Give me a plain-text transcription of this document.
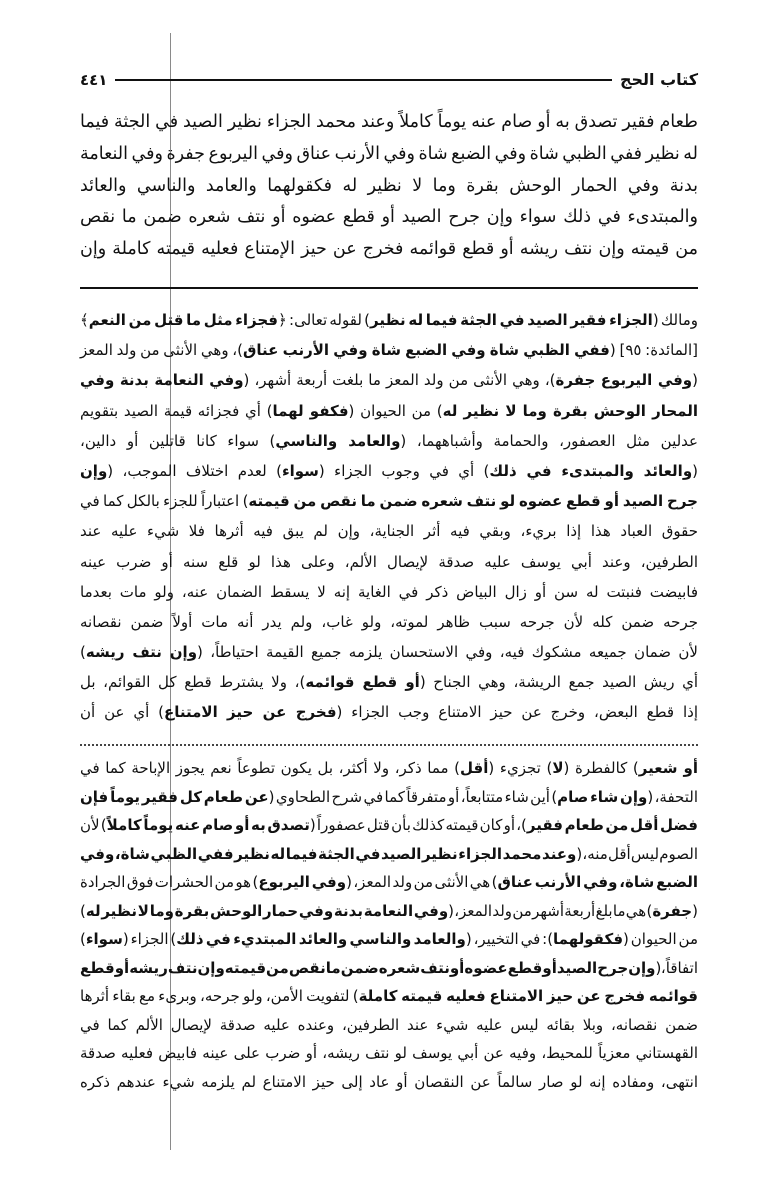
كتاب الحج
٤٤١
طعام فقير تصدق به أو صام عنه يوماً كاملاً وعند محمد الجزاء نظير الصيد في الجثة فيما
له نظير ففي الظبي شاة وفي الضبع شاة وفي الأرنب عناق وفي اليربوع جفرة وفي النعامة
بدنة وفي الحمار الوحش بقرة وما لا نظير له فكقولهما والعامد والناسي والعائد
والمبتدىء في ذلك سواء وإن جرح الصيد أو قطع عضوه أو نتف شعره ضمن ما نقص
من قيمته وإن نتف ريشه أو قطع قوائمه فخرج عن حيز الإمتناع فعليه قيمته كاملة وإن
ومالك (الجزاء فقير الصيد في الجثة فيما له نظير) لقوله تعالى: ﴿فجزاء مثل ما قتل من النعم﴾
[المائدة: ٩٥] (ففي الظبي شاة وفي الضبع شاة وفي الأرنب عناق)، وهي الأنثى من ولد المعز
(وفي اليربوع جفرة)، وهي الأنثى من ولد المعز ما بلغت أربعة أشهر، (وفي النعامة بدنة وفي
المحار الوحش بقرة وما لا نظير له) من الحيوان (فكفو لهما) أي فجزائه قيمة الصيد بتقويم
عدلين مثل العصفور، والحمامة وأشباههما، (والعامد والناسي) سواء كانا قاتلين أو دالين،
(والعائد والمبتدىء في ذلك) أي في وجوب الجزاء (سواء) لعدم اختلاف الموجب، (وإن
جرح الصيد أو قطع عضوه لو نتف شعره ضمن ما نقص من قيمته) اعتباراً للجزء بالكل كما في
حقوق العباد هذا إذا بريء، وبقي فيه أثر الجناية، وإن لم يبق فيه أثرها فلا شيء عليه عند
الطرفين، وعند أبي يوسف عليه صدقة لإيصال الألم، وعلى هذا لو قلع سنه أو ضرب عينه
فابيضت فنبتت له سن أو زال البياض ذكر في الغاية إنه لا يسقط الضمان عنه، ولو مات بعدما
جرحه ضمن كله لأن جرحه سبب ظاهر لموته، ولو غاب، ولم يدر أنه مات أولاً ضمن نقصانه
لأن ضمان جميعه مشكوك فيه، وفي الاستحسان يلزمه جميع القيمة احتياطاً، (وإن نتف ريشه)
أي ريش الصيد جمع الريشة، وهي الجناح (أو قطع قوائمه)، ولا يشترط قطع كل القوائم، بل
إذا قطع البعض، وخرج عن حيز الامتناع وجب الجزاء (فخرج عن حيز الامتناع) أي عن أن
أو شعير) كالفطرة (لا) تجزيء (أقل) مما ذكر، ولا أكثر، بل يكون تطوعاً نعم يجوز الإباحة كما في
التحفة، (وإن شاء صام) أين شاء متتابعاً، أو متفرقاً كما في شرح الطحاوي (عن طعام كل فقير يوماً فإن
فضل أقل من طعام فقير)، أو كان قيمته كذلك بأن قتل عصفوراً (تصدق به أو صام عنه يوماً كاملاً) لأن
الصوم ليس أقل منه، (وعند محمد الجزاء نظير الصيد في الجثة فيما له نظير ففي الظبي شاة، وفي
الضبع شاة، وفي الأرنب عناق) هي الأنثى من ولد المعز، (وفي اليربوع) هو من الحشرات فوق الجرادة
(جفرة) هي ما بلغ أربعة أشهر من ولد المعز، (وفي النعامة بدنة وفي حمار الوحش بقرة وما لا نظير له)
من الحيوان (فكقولهما): في التخيير، (والعامد والناسي والعائد المبتديء في ذلك) الجزاء (سواء)
اتفاقاً، (وإن جرح الصيد أو قطع عضوه أو نتف شعره ضمن ما نقص من قيمته وإن نتف ريشه أو قطع
قوائمه فخرج عن حيز الامتناع فعليه قيمته كاملة) لتفويت الأمن، ولو جرحه، وبرىء مع بقاء أثرها
ضمن نقصانه، وبلا بقائه ليس عليه شيء عند الطرفين، وعنده عليه صدقة لإيصال الألم كما في
القهستاني معزياً للمحيط، وفيه عن أبي يوسف لو نتف ريشه، أو ضرب على عينه فابيض فعليه صدقة
انتهى، ومفاده إنه لو صار سالماً عن النقصان أو عاد إلى حيز الامتناع لم يلزمه شيء عندهم ذكره
